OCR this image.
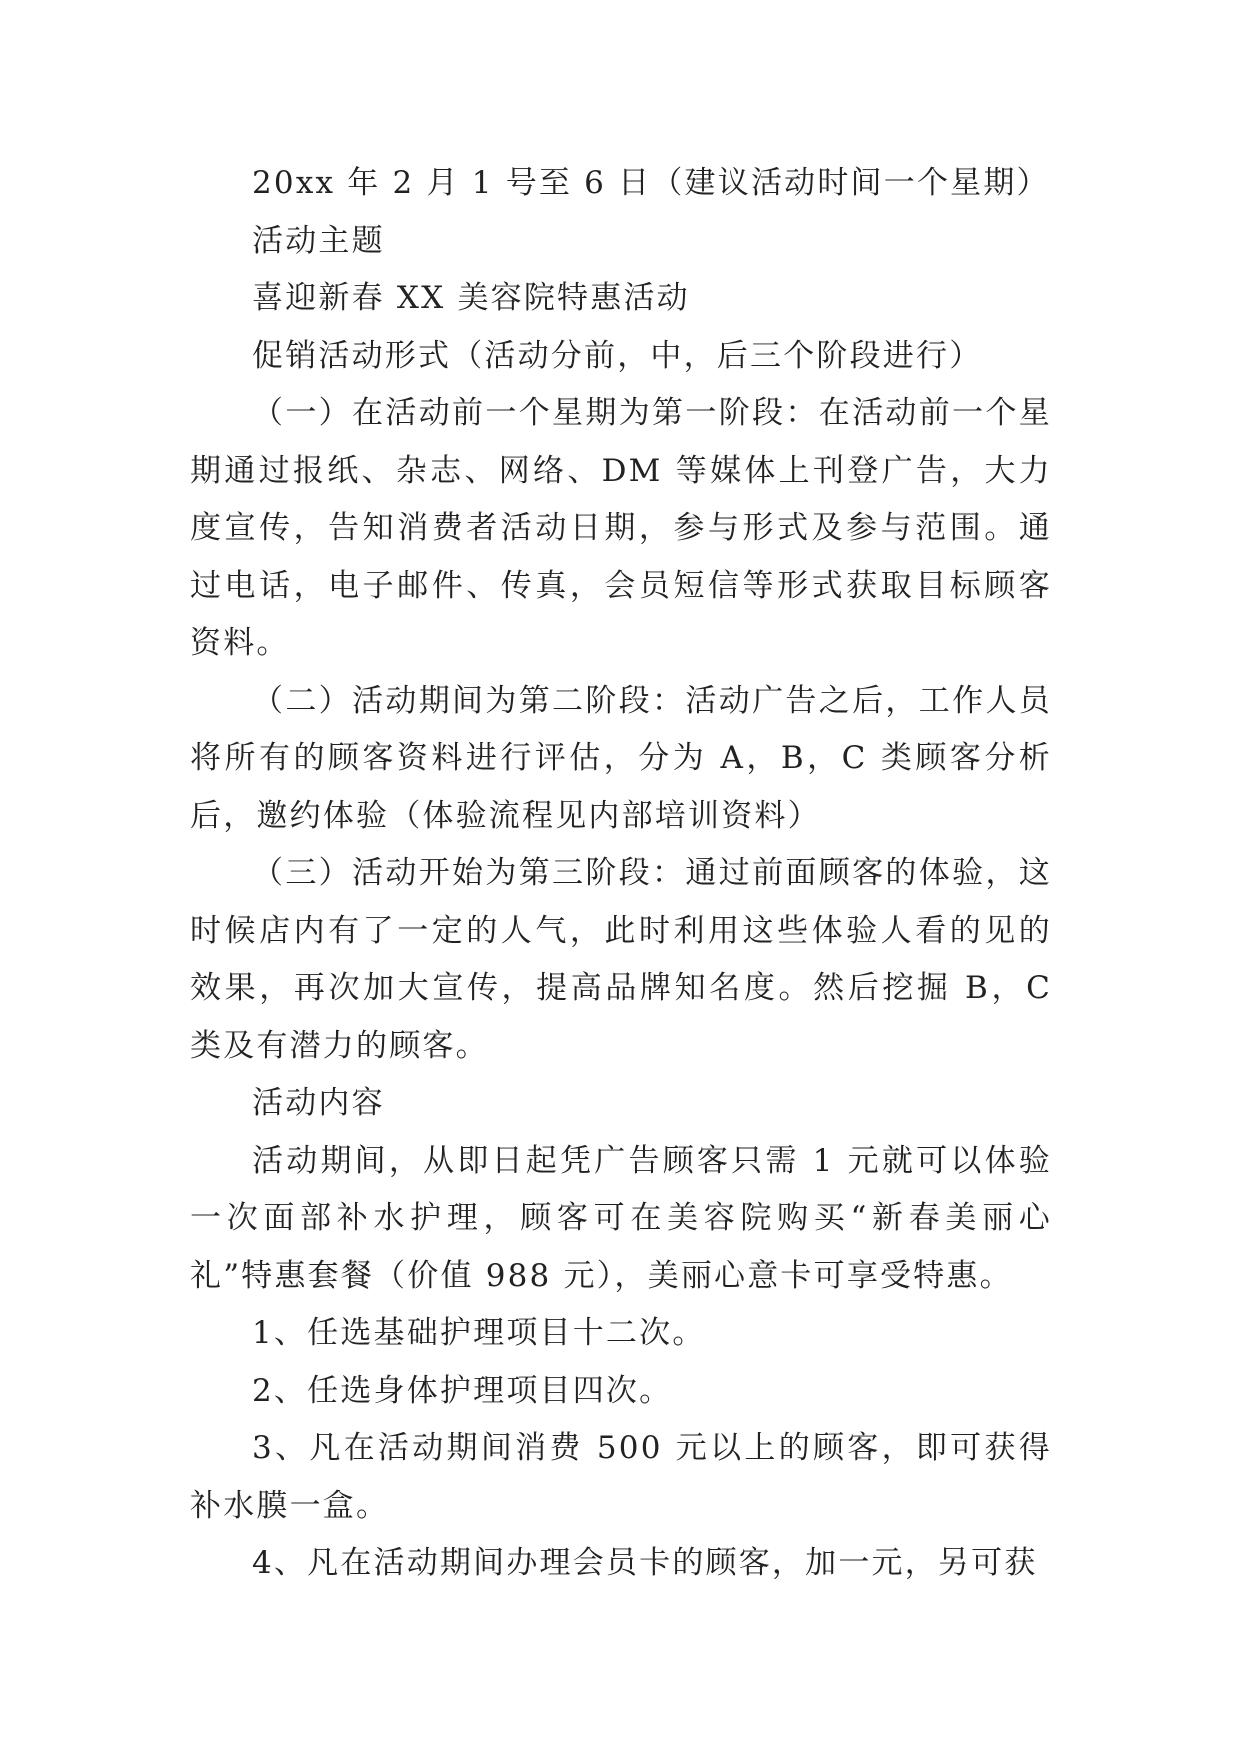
20xx 年 2 月 1 号至 6 日（建议活动时间一个星期）

活动主题

喜迎新春 XX 美容院特惠活动

促销活动形式（活动分前，中，后三个阶段进行）

（一）在活动前一个星期为第一阶段：在活动前一个星期通过报纸、杂志、网络、DM 等媒体上刊登广告，大力度宣传，告知消费者活动日期，参与形式及参与范围。通过电话，电子邮件、传真，会员短信等形式获取目标顾客资料。

（二）活动期间为第二阶段：活动广告之后，工作人员将所有的顾客资料进行评估，分为 A，B，C 类顾客分析后，邀约体验（体验流程见内部培训资料）

（三）活动开始为第三阶段：通过前面顾客的体验，这时候店内有了一定的人气，此时利用这些体验人看的见的效果，再次加大宣传，提高品牌知名度。然后挖掘 B，C 类及有潜力的顾客。

活动内容

活动期间，从即日起凭广告顾客只需 1 元就可以体验一次面部补水护理，顾客可在美容院购买“新春美丽心礼”特惠套餐（价值 988 元），美丽心意卡可享受特惠。

1、任选基础护理项目十二次。

2、任选身体护理项目四次。

3、凡在活动期间消费 500 元以上的顾客，即可获得补水膜一盒。

4、凡在活动期间办理会员卡的顾客，加一元，另可获
